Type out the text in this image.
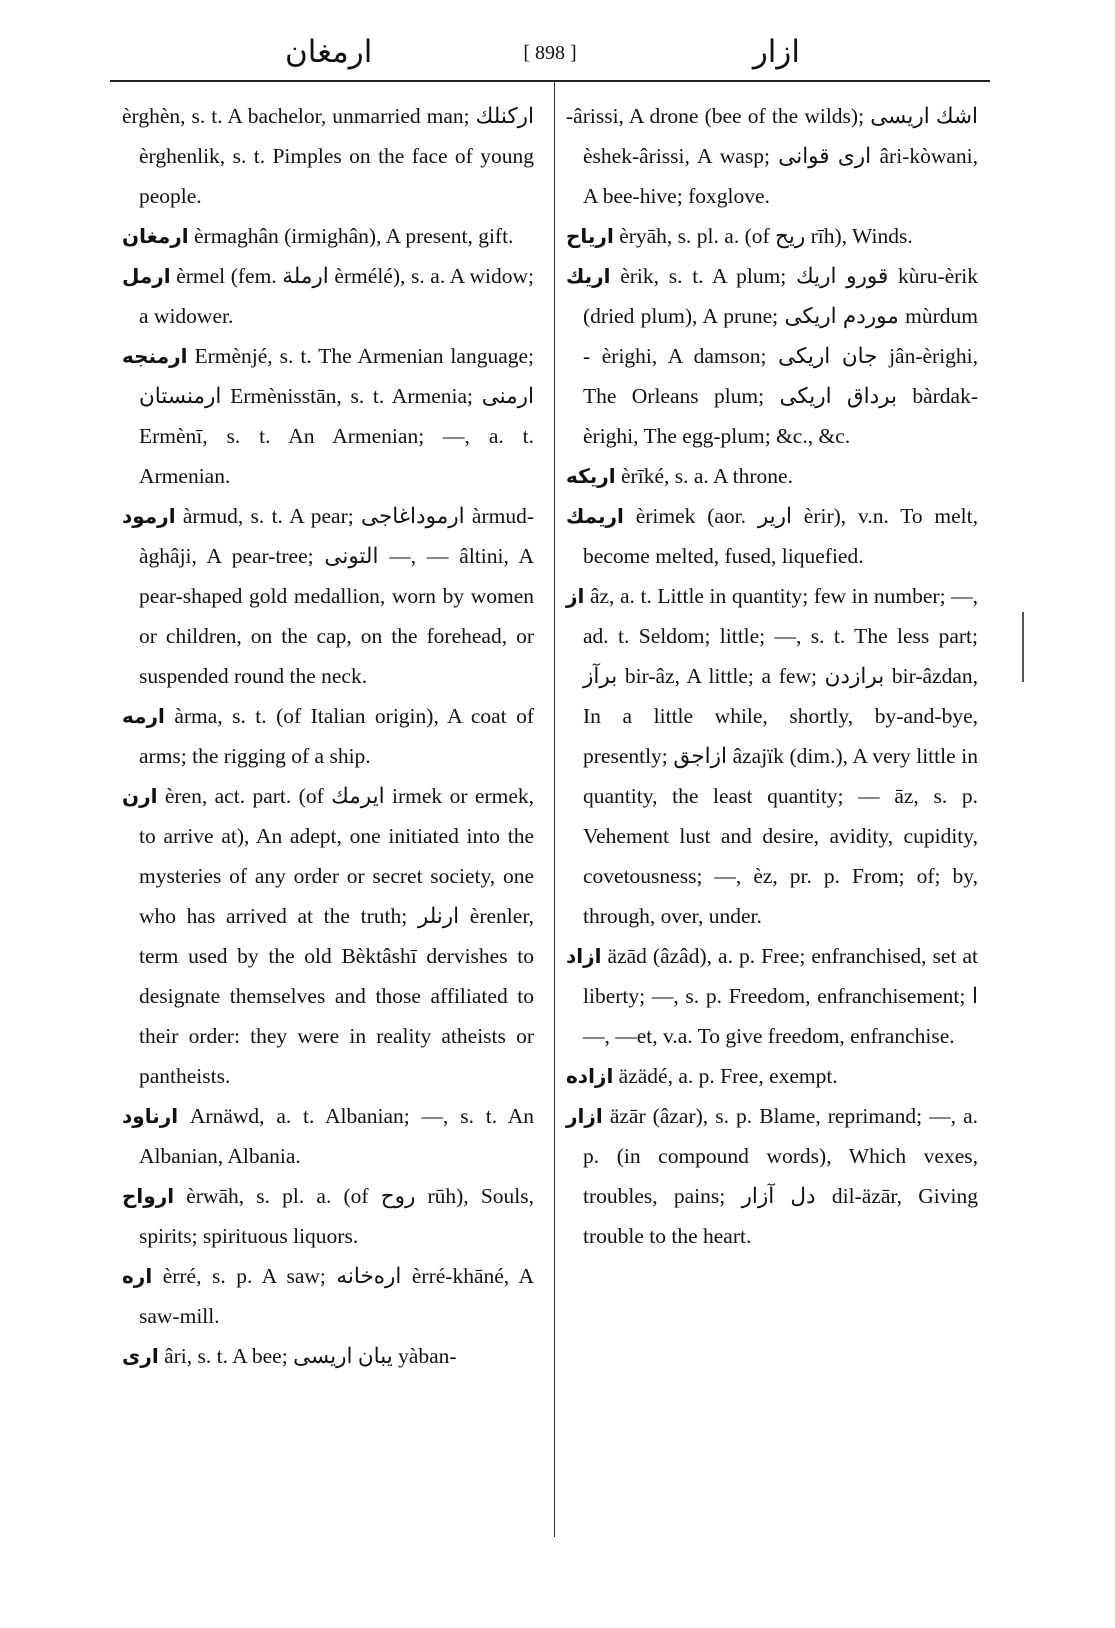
ارمغان	[ 898 ]	ازار

èrghèn, s. t. A bachelor, unmarried man; ارکنلك èrghenlik, s. t. Pimples on the face of young people.

ارمغان èrmaghân (irmighân), A present, gift.

ارمل èrmel (fem. ارملة èrmélé), s. a. A widow; a widower.

ارمنجه Ermènjé, s. t. The Armenian language; ارمنستان Ermènisstān, s. t. Armenia; ارمنی Ermènī, s. t. An Armenian; —, a. t. Armenian.

ارمود àrmud, s. t. A pear; ارموداغاجی àrmud-àghâji, A pear-tree; التونی —, — âltini, A pear-shaped gold medallion, worn by women or children, on the cap, on the forehead, or suspended round the neck.

ارمه àrma, s. t. (of Italian origin), A coat of arms; the rigging of a ship.

ارن èren, act. part. (of ایرمك irmek or ermek, to arrive at), An adept, one initiated into the mysteries of any order or secret society, one who has arrived at the truth; ارنلر èrenler, term used by the old Bèktâshī dervishes to designate themselves and those affiliated to their order: they were in reality atheists or pantheists.

ارناود Arnäwd, a. t. Albanian; —, s. t. An Albanian, Albania.

ارواح èrwāh, s. pl. a. (of روح rūh), Souls, spirits; spirituous liquors.

اره èrré, s. p. A saw; اره‌خانه èrré-khāné, A saw-mill.

اری âri, s. t. A bee; يبان اریسی yàban-

-ârissi, A drone (bee of the wilds); اشك اریسی èshek-ârissi, A wasp; اری قوانی âri-kòwani, A bee-hive; foxglove.

ارياح èryāh, s. pl. a. (of ریح rīh), Winds.

اریك èrik, s. t. A plum; قورو اریك kùru-èrik (dried plum), A prune; موردم اریکی mùrdum - èrighi, A damson; جان اریکی jân-èrighi, The Orleans plum; برداق اریکی bàrdak-èrighi, The egg-plum; &c., &c.

اریكه èrīké, s. a. A throne.

اریمك èrimek (aor. اریر èrir), v.n. To melt, become melted, fused, liquefied.

از âz, a. t. Little in quantity; few in number; —, ad. t. Seldom; little; —, s. t. The less part; برآز bir-âz, A little; a few; برازدن bir-âzdan, In a little while, shortly, by-and-bye, presently; ازاجق âzajïk (dim.), A very little in quantity, the least quantity; — āz, s. p. Vehement lust and desire, avidity, cupidity, covetousness; —, èz, pr. p. From; of; by, through, over, under.

ازاد äzād (âzâd), a. p. Free; enfranchised, set at liberty; —, s. p. Freedom, enfranchisement; ا—, —et, v.a. To give freedom, enfranchise.

ازاده äzädé, a. p. Free, exempt.

ازار äzār (âzar), s. p. Blame, reprimand; —, a. p. (in compound words), Which vexes, troubles, pains; دل آزار dil-äzār, Giving trouble to the heart.
